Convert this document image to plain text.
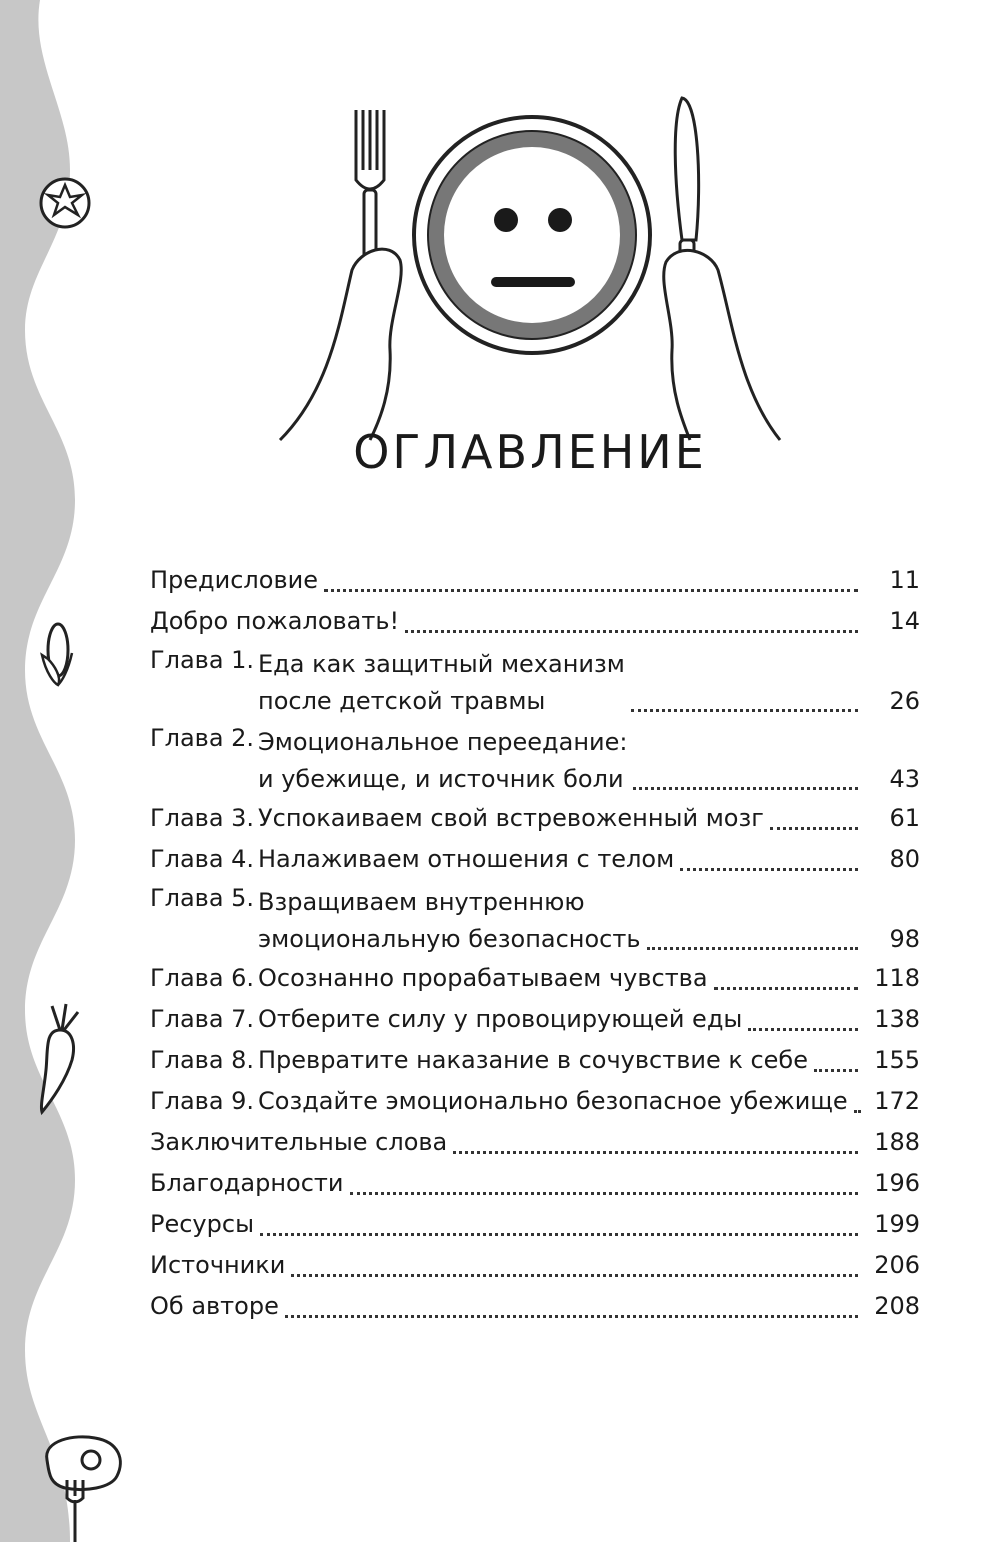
ОГЛАВЛЕНИЕ
Предисловие	11
Добро пожаловать!	14
Глава 1. Еда как защитный механизм
после детской травмы	26
Глава 2. Эмоциональное переедание:
и убежище, и источник боли	43
Глава 3. Успокаиваем свой встревоженный мозг	61
Глава 4. Налаживаем отношения с телом	80
Глава 5. Взращиваем внутреннюю
эмоциональную безопасность	98
Глава 6. Осознанно прорабатываем чувства	118
Глава 7. Отберите силу у провоцирующей еды	138
Глава 8. Превратите наказание в сочувствие к себе	155
Глава 9. Создайте эмоционально безопасное убежище 172
Заключительные слова	188
Благодарности	196
Ресурсы	199
Источники	206
Об авторе	208
